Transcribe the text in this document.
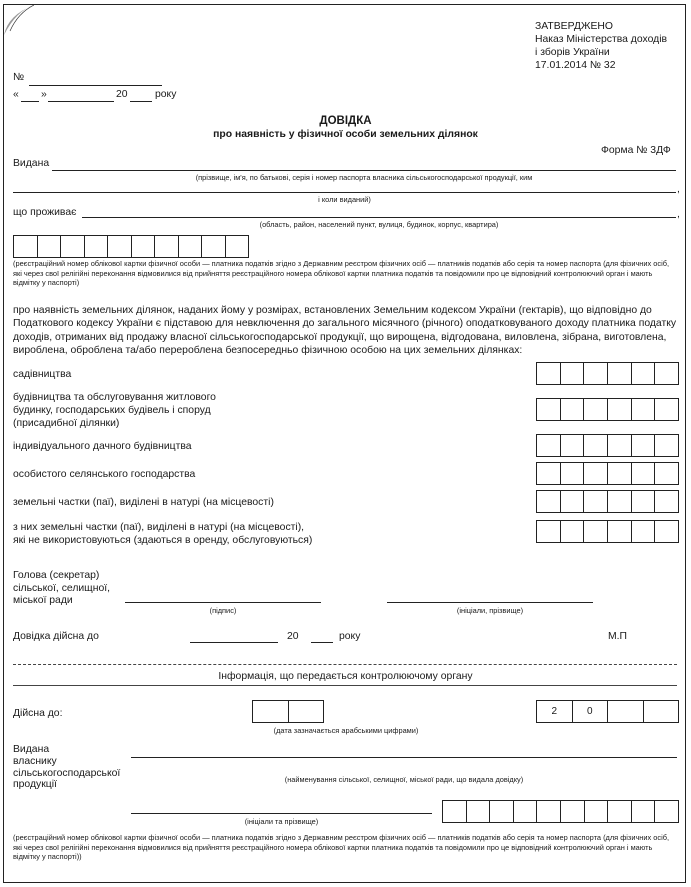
ЗАТВЕРДЖЕНО
Наказ Міністерства доходів
і зборів України
17.01.2014 № 32
№
« »	20	року
ДОВІДКА
про наявність у фізичної особи земельних ділянок
Форма № 3ДФ
Видана
(прізвище, ім'я, по батькові, серія і номер паспорта власника сільськогосподарської продукції, ким
,
і коли виданий)
що проживає	,
(область, район, населений пункт, вулиця, будинок, корпус, квартира)
(реєстраційний номер облікової картки фізичної особи — платника податків згідно з Державним реєстром фізичних осіб — платників податків або серія та номер паспорта (для фізичних осіб, які через свої релігійні переконання відмовилися від прийняття реєстраційного номера облікової картки платника податків та повідомили про це відповідний контролюючий орган і мають відмітку у паспорті)
про наявність земельних ділянок, наданих йому у розмірах, встановлених Земельним кодексом України (гектарів), що відповідно до Податкового кодексу України є підставою для невключення до загального місячного (річного) оподатковуваного доходу платника податку доходів, отриманих від продажу власної сільськогосподарської продукції, що вирощена, відгодована, виловлена, зібрана, виготовлена, вироблена, оброблена та/або перероблена безпосередньо фізичною особою на цих земельних ділянках:
садівництва
будівництва та обслуговування житлового
будинку, господарських будівель і споруд
(присадибної ділянки)
індивідуального дачного будівництва
особистого селянського господарства
земельні частки (паї), виділені в натурі (на місцевості)
з них земельні частки (паї), виділені в натурі (на місцевості),
які не використовуються (здаються в оренду, обслуговуються)
Голова (секретар)
сільської, селищної,
міської ради
(підпис)	(ініціали, прізвище)
Довідка дійсна до	20	року	М.П
Інформація, що передається контролюючому органу
Дійсна до:	2	0
(дата зазначається арабськими цифрами)
Видана
власнику
сільськогосподарської
продукції	(найменування сільської, селищної, міської ради, що видала довідку)
(ініціали та прізвище)
(реєстраційний номер облікової картки фізичної особи — платника податків згідно з Державним реєстром фізичних осіб — платників податків або серія та номер паспорта (для фізичних осіб, які через свої релігійні переконання відмовилися від прийняття реєстраційного номера облікової картки платника податків та повідомили про це відповідний контролюючий орган і мають відмітку у паспорті))
